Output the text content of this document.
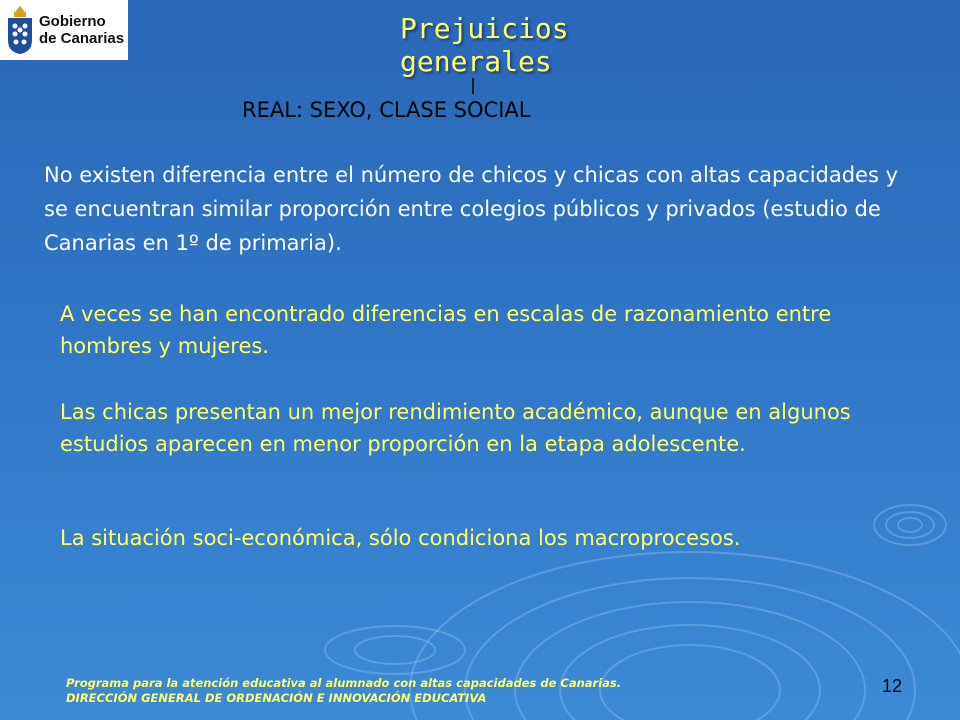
Gobierno
de Canarias	Prejuicios generales
REAL: SEXO, CLASE SOCIAL
No existen diferencia entre el número de chicos y chicas con altas capacidades y se encuentran similar proporción entre colegios públicos y privados (estudio de Canarias en 1º de primaria).
A veces se han encontrado diferencias en escalas de razonamiento entre hombres y mujeres.
Las chicas presentan un mejor rendimiento académico, aunque en algunos estudios aparecen en menor proporción en la etapa adolescente.
La situación soci-económica, sólo condiciona los macroprocesos.
Programa para la atención educativa al alumnado con altas capacidades de Canarias.
DIRECCIÓN GENERAL DE ORDENACIÓN E INNOVACIÓN EDUCATIVA
12
